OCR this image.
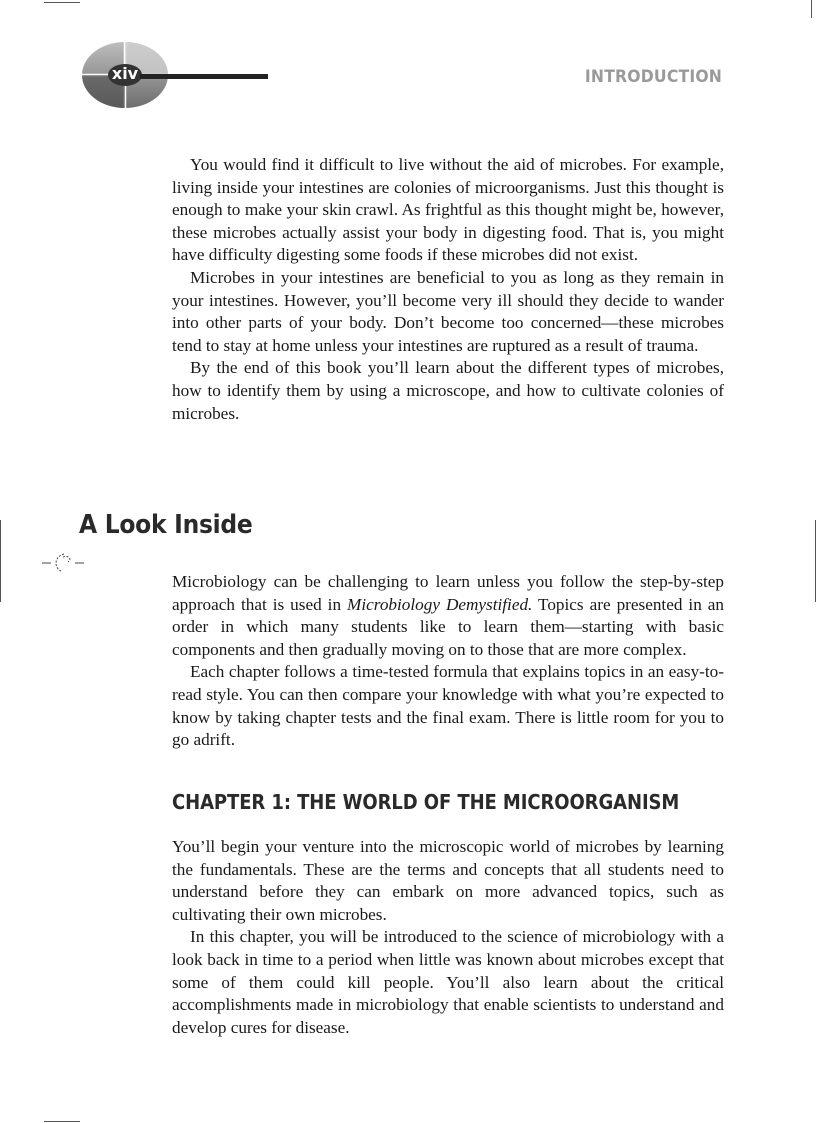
xiv	INTRODUCTION

You would find it difficult to live without the aid of microbes. For example, living inside your intestines are colonies of microorganisms. Just this thought is enough to make your skin crawl. As frightful as this thought might be, however, these microbes actually assist your body in digesting food. That is, you might have difficulty digesting some foods if these microbes did not exist.

Microbes in your intestines are beneficial to you as long as they remain in your intestines. However, you’ll become very ill should they decide to wander into other parts of your body. Don’t become too concerned—these microbes tend to stay at home unless your intestines are ruptured as a result of trauma.

By the end of this book you’ll learn about the different types of microbes, how to identify them by using a microscope, and how to cultivate colonies of microbes.

A Look Inside

Microbiology can be challenging to learn unless you follow the step-by-step approach that is used in Microbiology Demystified. Topics are presented in an order in which many students like to learn them—starting with basic components and then gradually moving on to those that are more complex.

Each chapter follows a time-tested formula that explains topics in an easy-to-read style. You can then compare your knowledge with what you’re expected to know by taking chapter tests and the final exam. There is little room for you to go adrift.

CHAPTER 1: THE WORLD OF THE MICROORGANISM

You’ll begin your venture into the microscopic world of microbes by learning the fundamentals. These are the terms and concepts that all students need to understand before they can embark on more advanced topics, such as cultivating their own microbes.

In this chapter, you will be introduced to the science of microbiology with a look back in time to a period when little was known about microbes except that some of them could kill people. You’ll also learn about the critical accomplishments made in microbiology that enable scientists to understand and develop cures for disease.
